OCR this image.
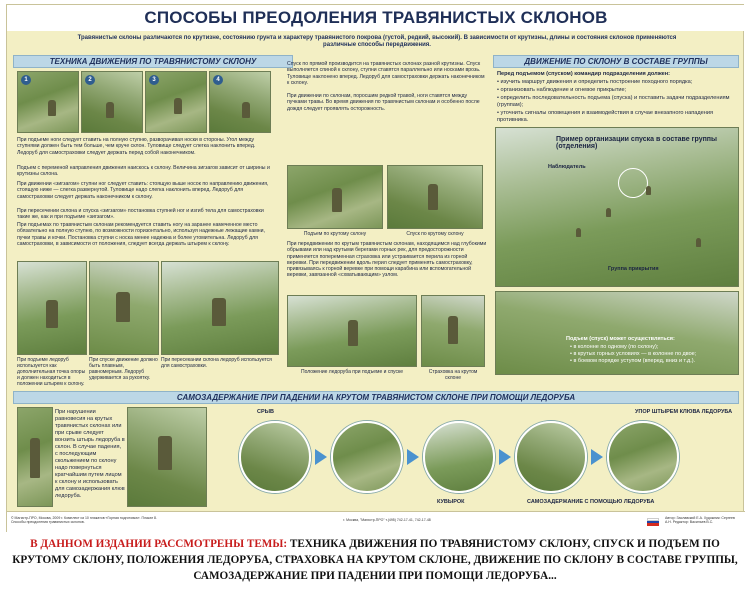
СПОСОБЫ ПРЕОДОЛЕНИЯ ТРАВЯНИСТЫХ СКЛОНОВ
Травянистые склоны различаются по крутизне, состоянию грунта и характеру травянистого покрова (густой, редкий, высокий). В зависимости от крутизны, длины и состояния склонов применяются различные способы передвижения.
ТЕХНИКА ДВИЖЕНИЯ ПО ТРАВЯНИСТОМУ СКЛОНУ
1	2	3	4
При подъеме ноги следует ставить на полную ступню, разворачивая носки в стороны. Угол между ступнями должен быть тем больше, чем круче склон. Туловище следует слегка наклонить вперед. Ледоруб для самостраховки следует держать перед собой наконечником.
Подъем с переменой направления движения наискось к склону. Величина зигзагов зависит от ширины и крутизны склона.
При движении «зигзагом» ступни ног следует ставить: стоящую выше носок по направлению движения, стоящую ниже — слегка развернутой. Туловище надо слегка наклонить вперед. Ледоруб для самостраховки следует держать наконечником к склону.
При пересечении склона и спуска «зигзагом» постановка ступней ног и изгиб тела для самостраховки такие же, как и при подъеме «зигзагом».
При подъемах по травянистым склонам рекомендуется ставить ногу на заранее намеченное место обязательно на полную ступню, по возможности горизонтально, используя надежные лежащие камни, пучки травы и кочки. Постановка ступни с носка менее надежна и более утомительна. Ледоруб для самостраховки, в зависимости от положения, следует всегда держать штырем к склону.
При подъеме ледоруб используется как дополнительная точка опоры и должен находиться в положении штырем к склону.
При спуске движение должно быть плавным, равномерным. Ледоруб удерживается за рукоятку.
При пересекании склона ледоруб используется для самостраховки.
Спуск по прямой производится на травянистых склонах разной крутизны. Спуск выполняется спиной к склону, ступни ставятся параллельно или носками врозь. Туловище наклонено вперед. Ледоруб для самостраховки держать наконечником к склону.
При движении по склонам, поросшим редкой травой, ноги ставятся между пучками травы. Во время движения по травянистым склонам и особенно после дождя следует проявлять осторожность.
Подъем по крутому склону	Спуск по крутому склону
При передвижении по крутым травянистым склонам, находящимся над глубокими обрывами или над крутыми берегами горных рек, для предосторожности применяется попеременная страховка или устраивается перила из горной веревки. При передвижении вдоль перил следует применять самостраховку, привязываясь к горной веревке при помощи карабина или вспомогательной веревки, завязанной «схватывающим» узлом.
Положение ледоруба при подъеме и спуске	Страховка на крутом склоне
ДВИЖЕНИЕ ПО СКЛОНУ В СОСТАВЕ ГРУППЫ
Перед подъемом (спуском) командир подразделения должен:
• изучить маршрут движения и определить построение походного порядка;
• организовать наблюдение и огневое прикрытие;
• определить последовательность подъема (спуска) и поставить задачи подразделениям (группам);
• уточнить сигналы оповещения и взаимодействия в случае внезапного нападения противника.
Пример организации спуска в составе группы (отделения)
Наблюдатель
Группа прикрытия
Подъем (спуск) может осуществляться:
• в колонне по одному (по склону);
• в крутых горных условиях — в колонне по двое;
• в боевом порядке уступом (вперед, вниз и т.д.).
САМОЗАДЕРЖАНИЕ ПРИ ПАДЕНИИ НА КРУТОМ ТРАВЯНИСТОМ СКЛОНЕ ПРИ ПОМОЩИ ЛЕДОРУБА
При нарушении равновесия на крутых травянистых склонах или при срыве следует вонзить штырь ледоруба в склон. В случае падения, с последующим скольжением по склону надо повернуться кратчайшим путем лицом к склону и использовать для самозадержания клюв ледоруба.
СРЫВ
КУВЫРОК	САМОЗАДЕРЖАНИЕ С ПОМОЩЬЮ ЛЕДОРУБА
УПОР ШТЫРЕМ КЛЮВА ЛЕДОРУБА
© Магистр-ПРО, Москва, 2009 г. Комплект из 10 плакатов «Горная подготовка». Плакат 8. Способы преодоления травянистых склонов.	г. Москва, "Магистр-ПРО" т.(495) 742-17-41, 742-17-48	Автор: Заславский Е.А. Художник: Сергеев А.Н. Редактор: Васильев В.С.
В ДАННОМ ИЗДАНИИ РАССМОТРЕНЫ ТЕМЫ: ТЕХНИКА ДВИЖЕНИЯ ПО ТРАВЯНИСТОМУ СКЛОНУ, СПУСК И ПОДЪЕМ ПО КРУТОМУ СКЛОНУ, ПОЛОЖЕНИЯ ЛЕДОРУБА, СТРАХОВКА НА КРУТОМ СКЛОНЕ, ДВИЖЕНИЕ ПО СКЛОНУ В СОСТАВЕ ГРУППЫ, САМОЗАДЕРЖАНИЕ ПРИ ПАДЕНИИ ПРИ ПОМОЩИ ЛЕДОРУБА...
